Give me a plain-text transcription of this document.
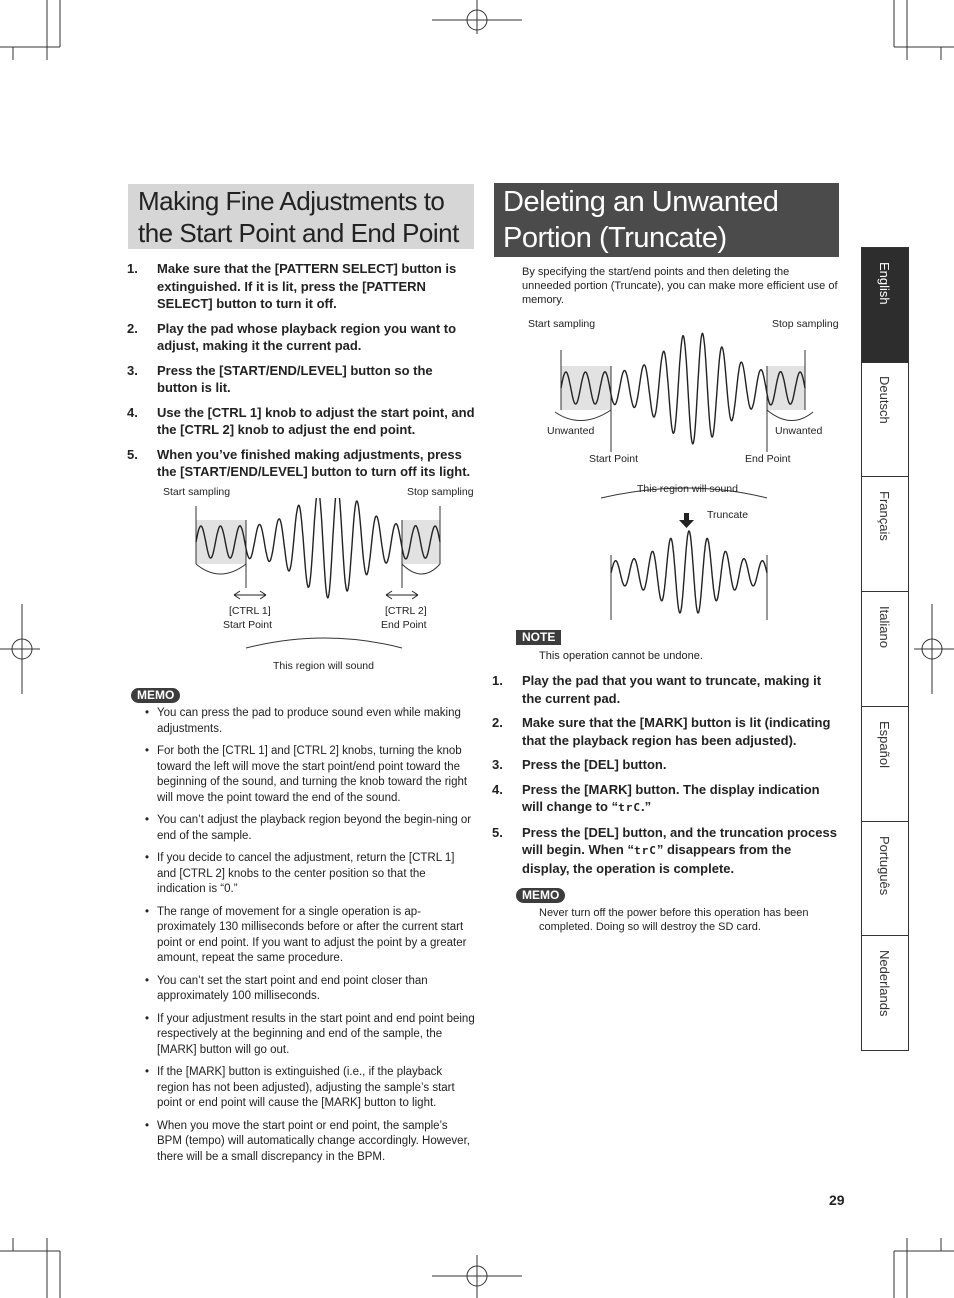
Making Fine Adjustments to the Start Point and End Point
1. Make sure that the [PATTERN SELECT] button is extinguished. If it is lit, press the [PATTERN SELECT] button to turn it off.
2. Play the pad whose playback region you want to adjust, making it the current pad.
3. Press the [START/END/LEVEL] button so the button is lit.
4. Use the [CTRL 1] knob to adjust the start point, and the [CTRL 2] knob to adjust the end point.
5. When you’ve finished making adjustments, press the [START/END/LEVEL] button to turn off its light.
Start sampling	Stop sampling
[CTRL 1]
Start Point
[CTRL 2]
End Point
This region will sound
MEMO
• You can press the pad to produce sound even while making adjustments.
• For both the [CTRL 1] and [CTRL 2] knobs, turning the knob toward the left will move the start point/end point toward the beginning of the sound, and turning the knob toward the right will move the point toward the end of the sound.
• You can’t adjust the playback region beyond the begin-ning or end of the sample.
• If you decide to cancel the adjustment, return the [CTRL 1] and [CTRL 2] knobs to the center position so that the indication is “0.”
• The range of movement for a single operation is ap-proximately 130 milliseconds before or after the current start point or end point. If you want to adjust the point by a greater amount, repeat the same procedure.
• You can’t set the start point and end point closer than approximately 100 milliseconds.
• If your adjustment results in the start point and end point being respectively at the beginning and end of the sample, the [MARK] button will go out.
• If the [MARK] button is extinguished (i.e., if the playback region has not been adjusted), adjusting the sample’s start point or end point will cause the [MARK] button to light.
• When you move the start point or end point, the sample’s BPM (tempo) will automatically change accordingly. However, there will be a small discrepancy in the BPM.
Deleting an Unwanted Portion (Truncate)
By specifying the start/end points and then deleting the unneeded portion (Truncate), you can make more efficient use of memory.
Start sampling	Stop sampling
Unwanted	Unwanted
Start Point	End Point
This region will sound
Truncate
NOTE
This operation cannot be undone.
1. Play the pad that you want to truncate, making it the current pad.
2. Make sure that the [MARK] button is lit (indicating that the playback region has been adjusted).
3. Press the [DEL] button.
4. Press the [MARK] button. The display indication will change to “trC.”
5. Press the [DEL] button, and the truncation process will begin. When “trC” disappears from the display, the operation is complete.
MEMO
Never turn off the power before this operation has been completed. Doing so will destroy the SD card.
English
Deutsch
Français
Italiano
Español
Português
Nederlands
29
